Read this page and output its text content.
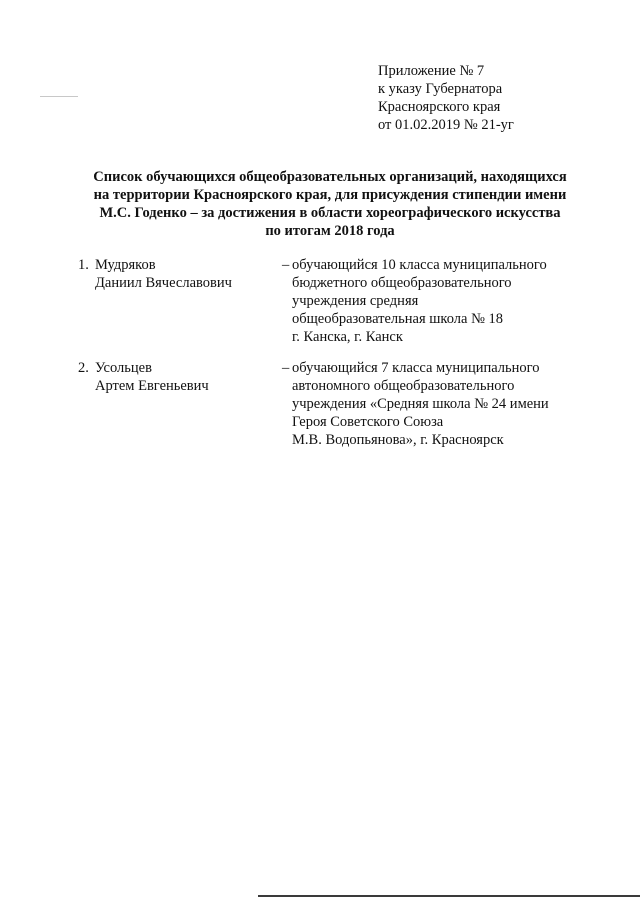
Приложение № 7
к указу Губернатора
Красноярского края
от 01.02.2019 № 21-уг
Список обучающихся общеобразовательных организаций, находящихся
на территории Красноярского края, для присуждения стипендии имени
М.С. Годенко – за достижения в области хореографического искусства
по итогам 2018 года
1. Мудряков
Даниил Вячеславович
– обучающийся 10 класса муниципального
бюджетного общеобразовательного
учреждения средняя
общеобразовательная школа № 18
г. Канска, г. Канск
2. Усольцев
Артем Евгеньевич
– обучающийся 7 класса муниципального
автономного общеобразовательного
учреждения «Средняя школа № 24 имени
Героя Советского Союза
М.В. Водопьянова», г. Красноярск
